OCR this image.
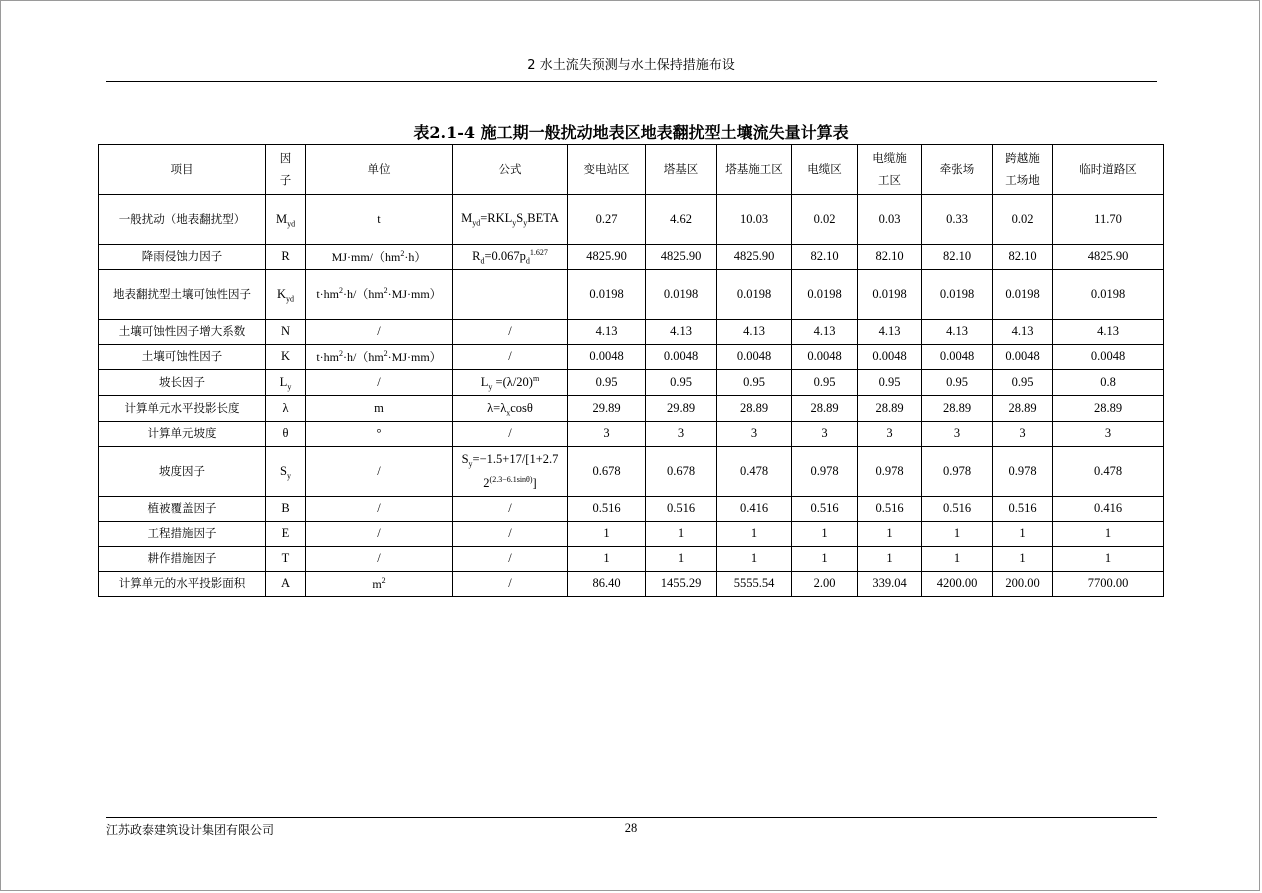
2 水土流失预测与水土保持措施布设
表2.1-4 施工期一般扰动地表区地表翻扰型土壤流失量计算表
项目	因子	单位	公式	变电站区	塔基区	塔基施工区	电缆区	电缆施工区	牵张场	跨越施工场地	临时道路区
一般扰动（地表翻扰型）	$M_{yd}$	t	$M_{yd}=RKL_yS_yBETA$	0.27	4.62	10.03	0.02	0.03	0.33	0.02	11.70
降雨侵蚀力因子	R	$MJ\cdot mm/(hm^2\cdot h)$	$R_d=0.067p_d^{1.627}$	4825.90	4825.90	4825.90	82.10	82.10	82.10	82.10	4825.90
地表翻扰型土壤可蚀性因子	$K_{yd}$	$t\cdot hm^2\cdot h/(hm^2\cdot MJ\cdot mm)$		0.0198	0.0198	0.0198	0.0198	0.0198	0.0198	0.0198	0.0198
土壤可蚀性因子增大系数	N	/	/	4.13	4.13	4.13	4.13	4.13	4.13	4.13	4.13
土壤可蚀性因子	K	$t\cdot hm^2\cdot h/(hm^2\cdot MJ\cdot mm)$	/	0.0048	0.0048	0.0048	0.0048	0.0048	0.0048	0.0048	0.0048
坡长因子	$L_y$	/	$L_y =(\lambda/20)^m$	0.95	0.95	0.95	0.95	0.95	0.95	0.95	0.8
计算单元水平投影长度	λ	m	$\lambda=\lambda_x\cos\theta$	29.89	29.89	28.89	28.89	28.89	28.89	28.89	28.89
计算单元坡度	θ	°	/	3	3	3	3	3	3	3	3
坡度因子	$S_y$	/	$S_y=-1.5+17/[1+2.72^{(2.3-6.1sin\theta)}]$	0.678	0.678	0.478	0.978	0.978	0.978	0.978	0.478
植被覆盖因子	B	/	/	0.516	0.516	0.416	0.516	0.516	0.516	0.516	0.416
工程措施因子	E	/	/	1	1	1	1	1	1	1	1
耕作措施因子	T	/	/	1	1	1	1	1	1	1	1
计算单元的水平投影面积	A	$m^2$	/	86.40	1455.29	5555.54	2.00	339.04	4200.00	200.00	7700.00
江苏政泰建筑设计集团有限公司	28
